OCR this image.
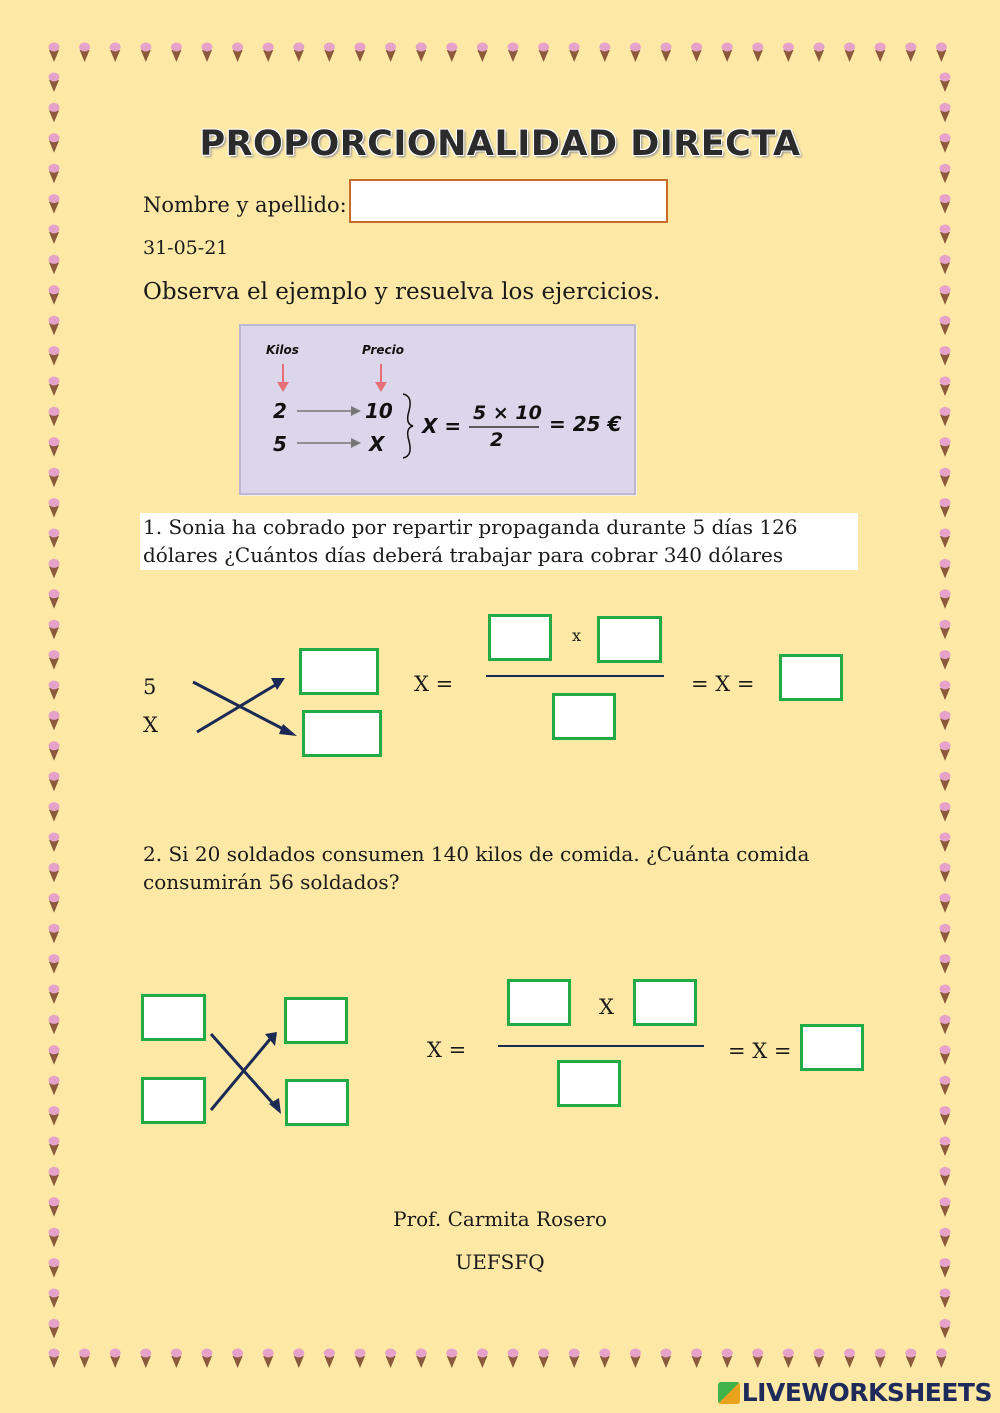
PROPORCIONALIDAD DIRECTA
Nombre y apellido:
31-05-21
Observa el ejemplo y resuelva los ejercicios.
Kilos	Precio
2	10
5	X
X =
5 × 10
2
= 25 €
1. Sonia ha cobrado por repartir propaganda durante 5 días 126
dólares ¿Cuántos días deberá trabajar para cobrar 340 dólares
5
X
X =
x
= X =
2. Si 20 soldados consumen 140 kilos de comida. ¿Cuánta comida
consumirán 56 soldados?
X =
X
= X =
Prof. Carmita Rosero
UEFSFQ
LIVEWORKSHEETS
